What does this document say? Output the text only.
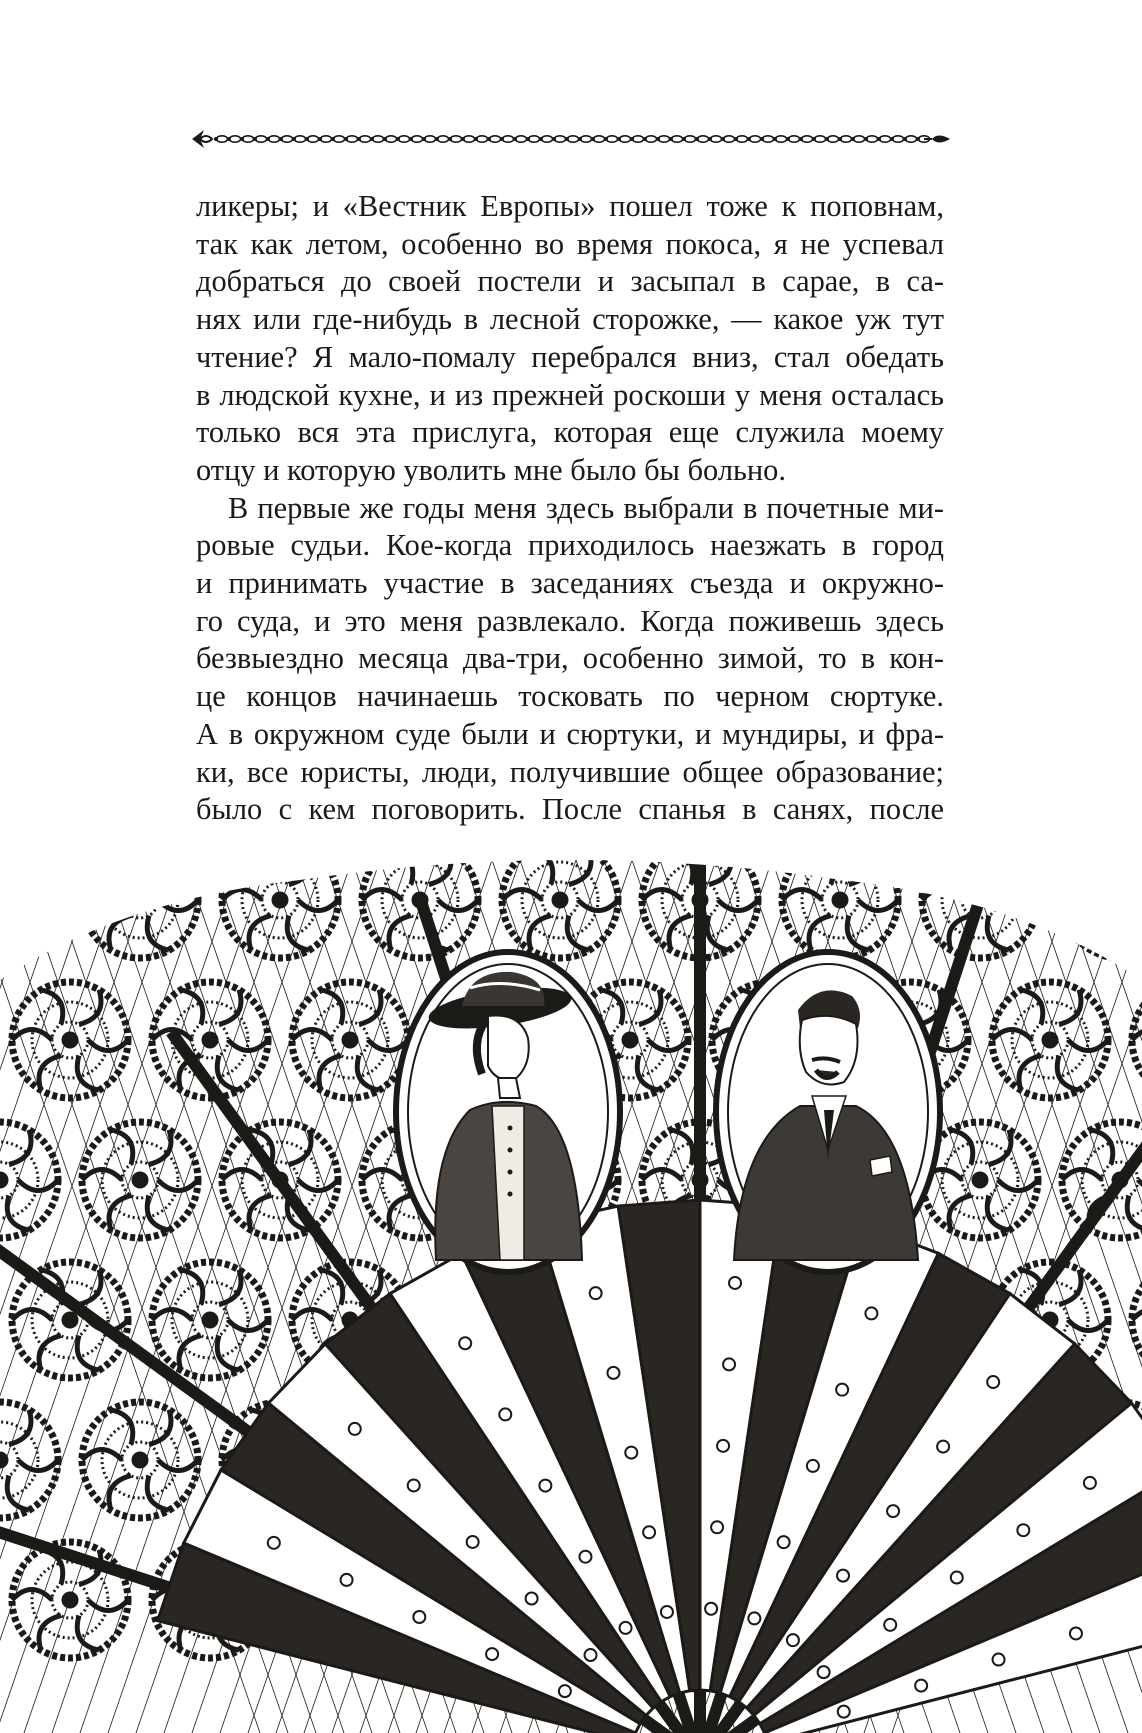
ликеры; и «Вестник Европы» пошел тоже к поповнам,
так как летом, особенно во время покоса, я не успевал
добраться до своей постели и засыпал в сарае, в са-
нях или где-нибудь в лесной сторожке, — какое уж тут
чтение? Я мало-помалу перебрался вниз, стал обедать
в людской кухне, и из прежней роскоши у меня осталась
только вся эта прислуга, которая еще служила моему
отцу и которую уволить мне было бы больно.

В первые же годы меня здесь выбрали в почетные ми-
ровые судьи. Кое-когда приходилось наезжать в город
и принимать участие в заседаниях съезда и окружно-
го суда, и это меня развлекало. Когда поживешь здесь
безвыездно месяца два-три, особенно зимой, то в кон-
це концов начинаешь тосковать по черном сюртуке.
А в окружном суде были и сюртуки, и мундиры, и фра-
ки, все юристы, люди, получившие общее образование;
было с кем поговорить. После спанья в санях, после
